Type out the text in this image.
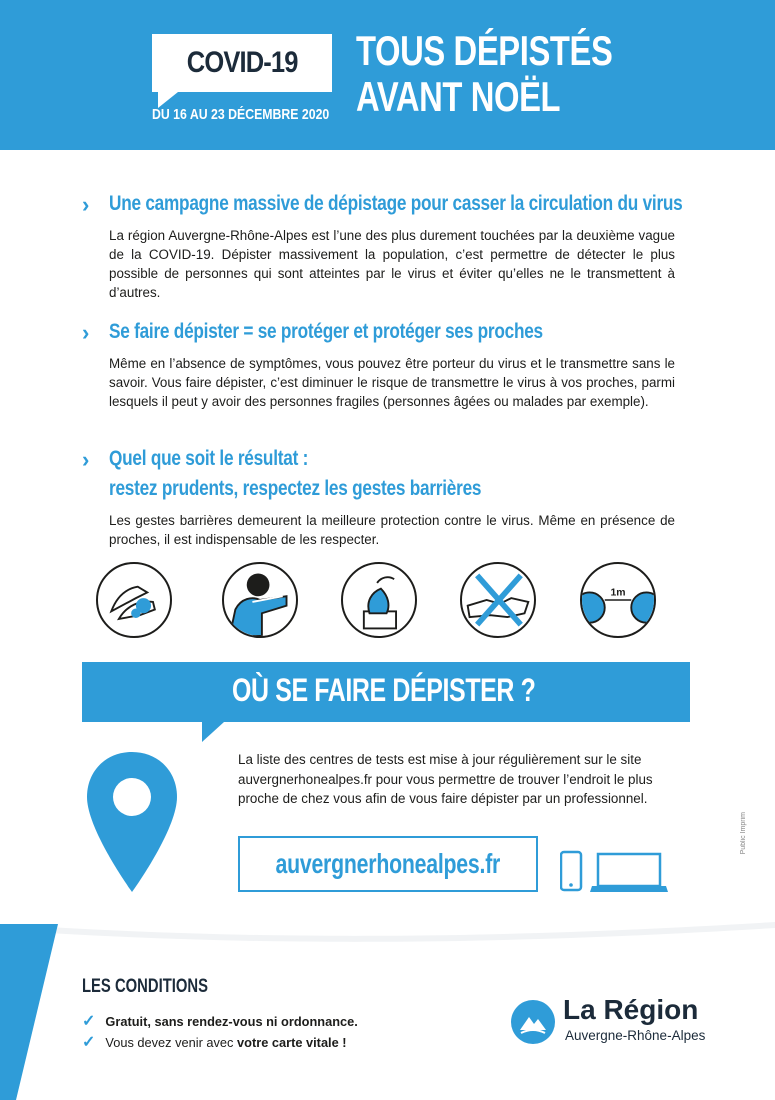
COVID-19
DU 16 AU 23 DÉCEMBRE 2020
TOUS DÉPISTÉS
AVANT NOËL
› Une campagne massive de dépistage pour casser la circulation du virus

La région Auvergne-Rhône-Alpes est l’une des plus durement touchées par la deuxième vague de la COVID-19. Dépister massivement la population, c’est permettre de détecter le plus possible de personnes qui sont atteintes par le virus et éviter qu’elles ne le transmettent à d’autres.

› Se faire dépister = se protéger et protéger ses proches

Même en l’absence de symptômes, vous pouvez être porteur du virus et le transmettre sans le savoir. Vous faire dépister, c’est diminuer le risque de transmettre le virus à vos proches, parmi lesquels il peut y avoir des personnes fragiles (personnes âgées ou malades par exemple).

› Quel que soit le résultat :
restez prudents, respectez les gestes barrières

Les gestes barrières demeurent la meilleure protection contre le virus. Même en présence de proches, il est indispensable de les respecter.

1m
OÙ SE FAIRE DÉPISTER ?

La liste des centres de tests est mise à jour régulièrement sur le site auvergnerhonealpes.fr pour vous permettre de trouver l’endroit le plus proche de chez vous afin de vous faire dépister par un professionnel.

auvergnerhonealpes.fr
LES CONDITIONS
✓ Gratuit, sans rendez-vous ni ordonnance.
✓ Vous devez venir avec votre carte vitale !
La Région
Auvergne-Rhône-Alpes
Public Imprim
